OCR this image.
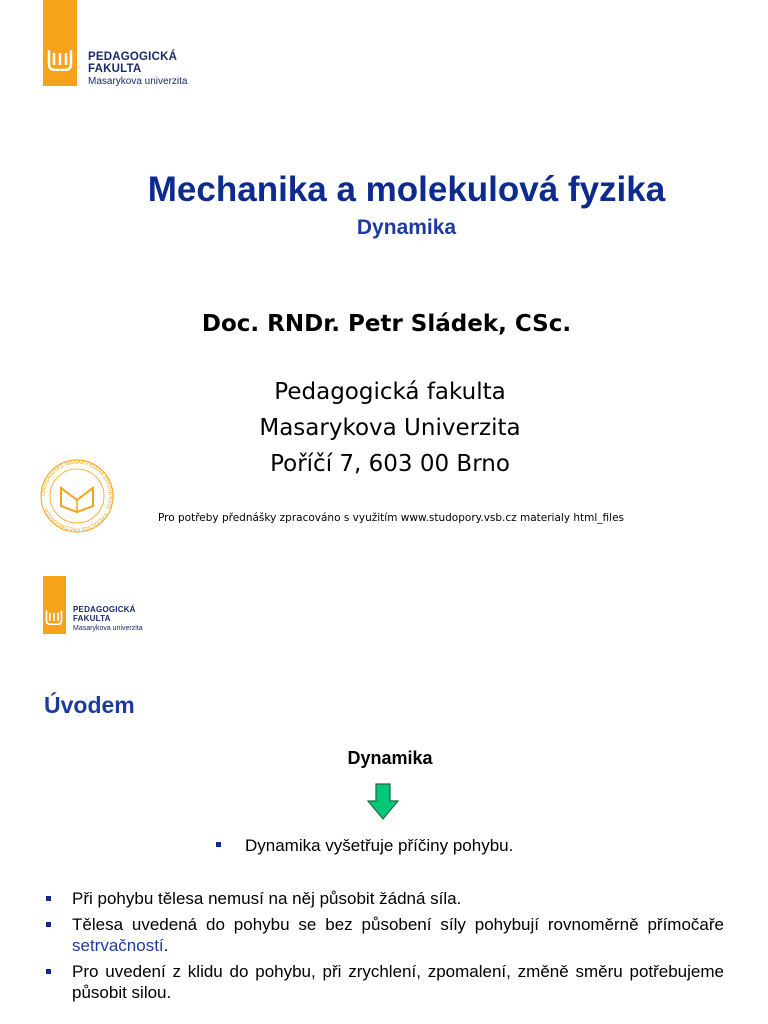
PEDAGOGICKÁ
FAKULTA
Masarykova univerzita
Mechanika a molekulová fyzika
Dynamika
Doc. RNDr. Petr Sládek, CSc.
Pedagogická fakulta
Masarykova Univerzita
Poříčí 7, 603 00 Brno
UNIVERSITAS MASARYKIANA BRUNENSIS · FACULTAS PAEDAGOGICA
Pro potřeby přednášky zpracováno s využitím www.studopory.vsb.cz materialy html_files
PEDAGOGICKÁ
FAKULTA
Masarykova univerzita
Úvodem
Dynamika
Dynamika vyšetřuje příčiny pohybu.
Při pohybu tělesa nemusí na něj působit žádná síla.
Tělesa uvedená do pohybu se bez působení síly pohybují rovnoměrně přímočaře setrvačností.
Pro uvedení z klidu do pohybu, při zrychlení, zpomalení, změně směru potřebujeme působit silou.
